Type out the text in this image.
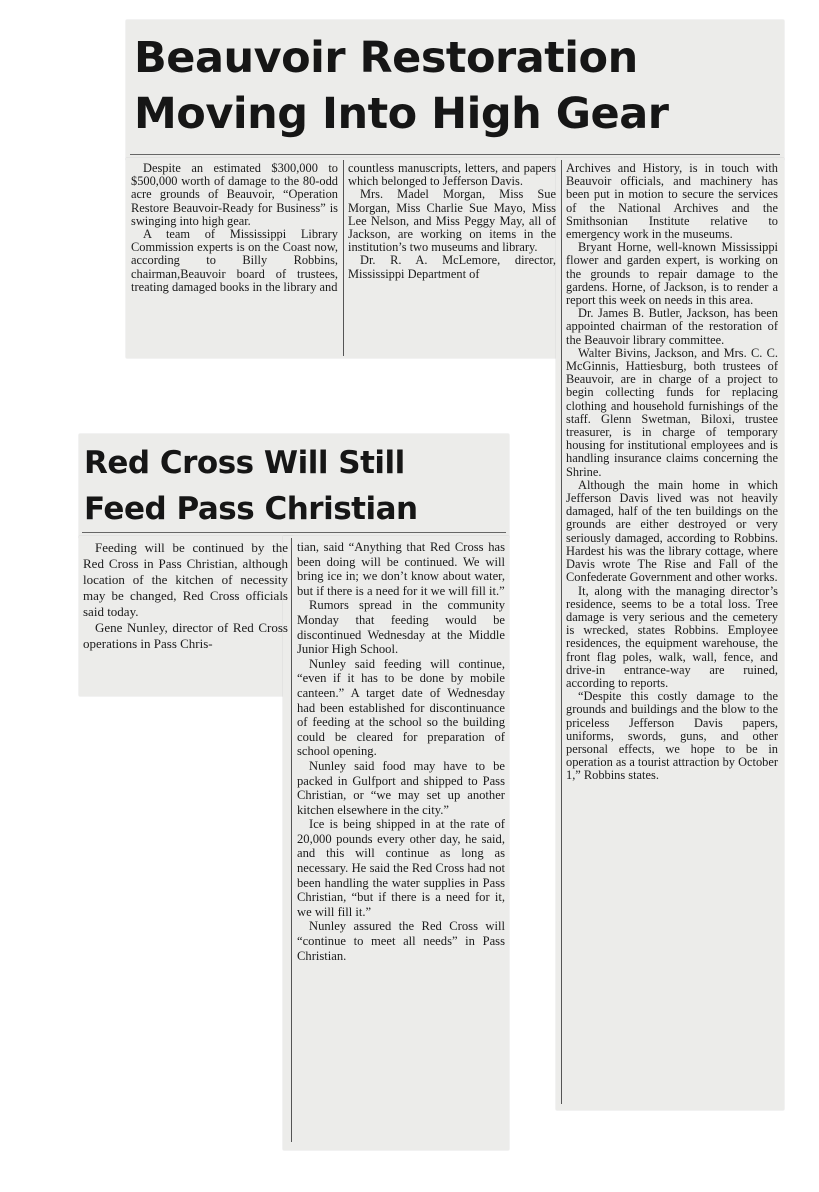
Beauvoir Restoration
Moving Into High Gear

Despite an estimated $300,000 to $500,000 worth of damage to the 80-odd acre grounds of Beauvoir, “Operation Restore Beauvoir-Ready for Business” is swinging into high gear.

A team of Mississippi Library Commission experts is on the Coast now, according to Billy Robbins, chairman,Beauvoir board of trustees, treating damaged books in the library and

countless manuscripts, letters, and papers which belonged to Jefferson Davis.

Mrs. Madel Morgan, Miss Sue Morgan, Miss Charlie Sue Mayo, Miss Lee Nelson, and Miss Peggy May, all of Jackson, are working on items in the institution’s two museums and library.

Dr. R. A. McLemore, director, Mississippi Department of

Archives and History, is in touch with Beauvoir officials, and machinery has been put in motion to secure the services of the National Archives and the Smithsonian Institute relative to emergency work in the museums.

Bryant Horne, well-known Mississippi flower and garden expert, is working on the grounds to repair damage to the gardens. Horne, of Jackson, is to render a report this week on needs in this area.

Dr. James B. Butler, Jackson, has been appointed chairman of the restoration of the Beauvoir library committee.

Walter Bivins, Jackson, and Mrs. C. C. McGinnis, Hattiesburg, both trustees of Beauvoir, are in charge of a project to begin collecting funds for replacing clothing and household furnishings of the staff. Glenn Swetman, Biloxi, trustee treasurer, is in charge of temporary housing for institutional employees and is handling insurance claims concerning the Shrine.

Although the main home in which Jefferson Davis lived was not heavily damaged, half of the ten buildings on the grounds are either destroyed or very seriously damaged, according to Robbins. Hardest his was the library cottage, where Davis wrote The Rise and Fall of the Confederate Government and other works.

It, along with the managing director’s residence, seems to be a total loss. Tree damage is very serious and the cemetery is wrecked, states Robbins. Employee residences, the equipment warehouse, the front flag poles, walk, wall, fence, and drive-in entrance-way are ruined, according to reports.

“Despite this costly damage to the grounds and buildings and the blow to the priceless Jefferson Davis papers, uniforms, swords, guns, and other personal effects, we hope to be in operation as a tourist attraction by October 1,” Robbins states.

Red Cross Will Still
Feed Pass Christian

Feeding will be continued by the Red Cross in Pass Christian, although location of the kitchen of necessity may be changed, Red Cross officials said today.

Gene Nunley, director of Red Cross operations in Pass Chris-

tian, said “Anything that Red Cross has been doing will be continued. We will bring ice in; we don’t know about water, but if there is a need for it we will fill it.”

Rumors spread in the community Monday that feeding would be discontinued Wednesday at the Middle Junior High School.

Nunley said feeding will continue, “even if it has to be done by mobile canteen.” A target date of Wednesday had been established for discontinuance of feeding at the school so the building could be cleared for preparation of school opening.

Nunley said food may have to be packed in Gulfport and shipped to Pass Christian, or “we may set up another kitchen elsewhere in the city.”

Ice is being shipped in at the rate of 20,000 pounds every other day, he said, and this will continue as long as necessary. He said the Red Cross had not been handling the water supplies in Pass Christian, “but if there is a need for it, we will fill it.”

Nunley assured the Red Cross will “continue to meet all needs” in Pass Christian.
